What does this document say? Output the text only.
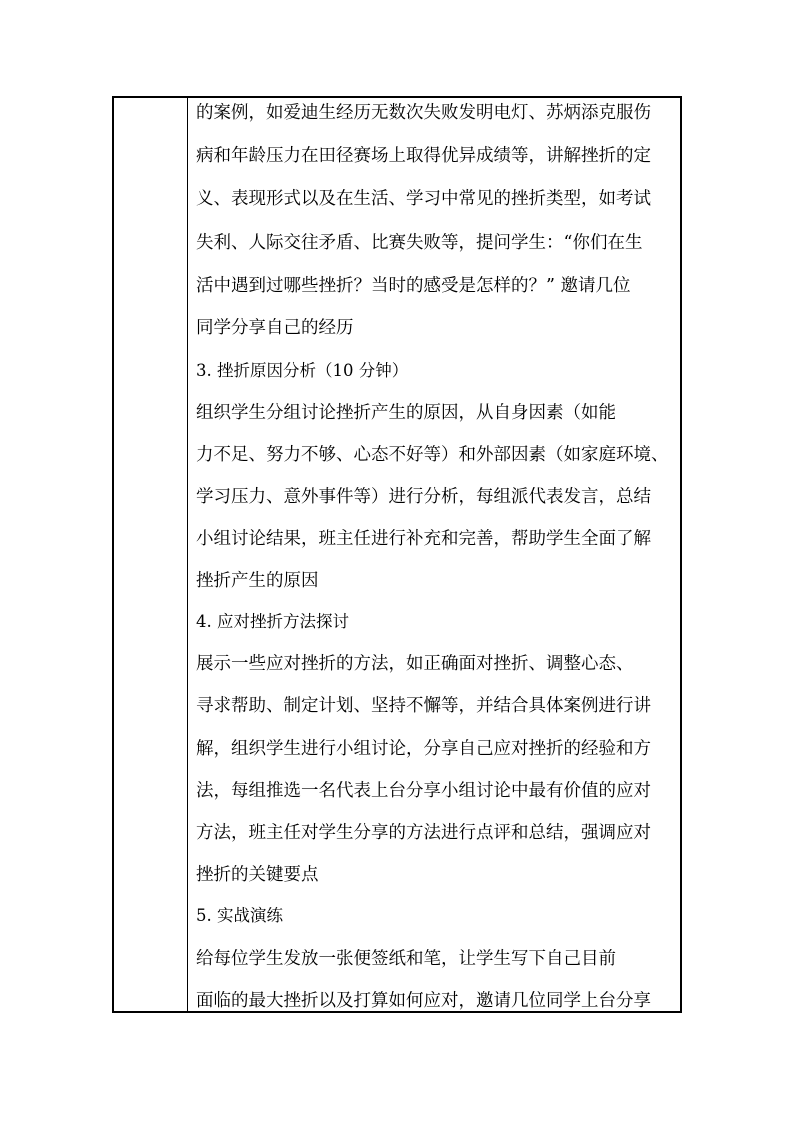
的案例，如爱迪生经历无数次失败发明电灯、苏炳添克服伤
病和年龄压力在田径赛场上取得优异成绩等，讲解挫折的定
义、表现形式以及在生活、学习中常见的挫折类型，如考试
失利、人际交往矛盾、比赛失败等，提问学生：“你们在生
活中遇到过哪些挫折？当时的感受是怎样的？” 邀请几位
同学分享自己的经历
3. 挫折原因分析（10 分钟）
组织学生分组讨论挫折产生的原因，从自身因素（如能
力不足、努力不够、心态不好等）和外部因素（如家庭环境、
学习压力、意外事件等）进行分析，每组派代表发言，总结
小组讨论结果，班主任进行补充和完善，帮助学生全面了解
挫折产生的原因
4. 应对挫折方法探讨
展示一些应对挫折的方法，如正确面对挫折、调整心态、
寻求帮助、制定计划、坚持不懈等，并结合具体案例进行讲
解，组织学生进行小组讨论，分享自己应对挫折的经验和方
法，每组推选一名代表上台分享小组讨论中最有价值的应对
方法，班主任对学生分享的方法进行点评和总结，强调应对
挫折的关键要点
5. 实战演练
给每位学生发放一张便签纸和笔，让学生写下自己目前
面临的最大挫折以及打算如何应对，邀请几位同学上台分享
